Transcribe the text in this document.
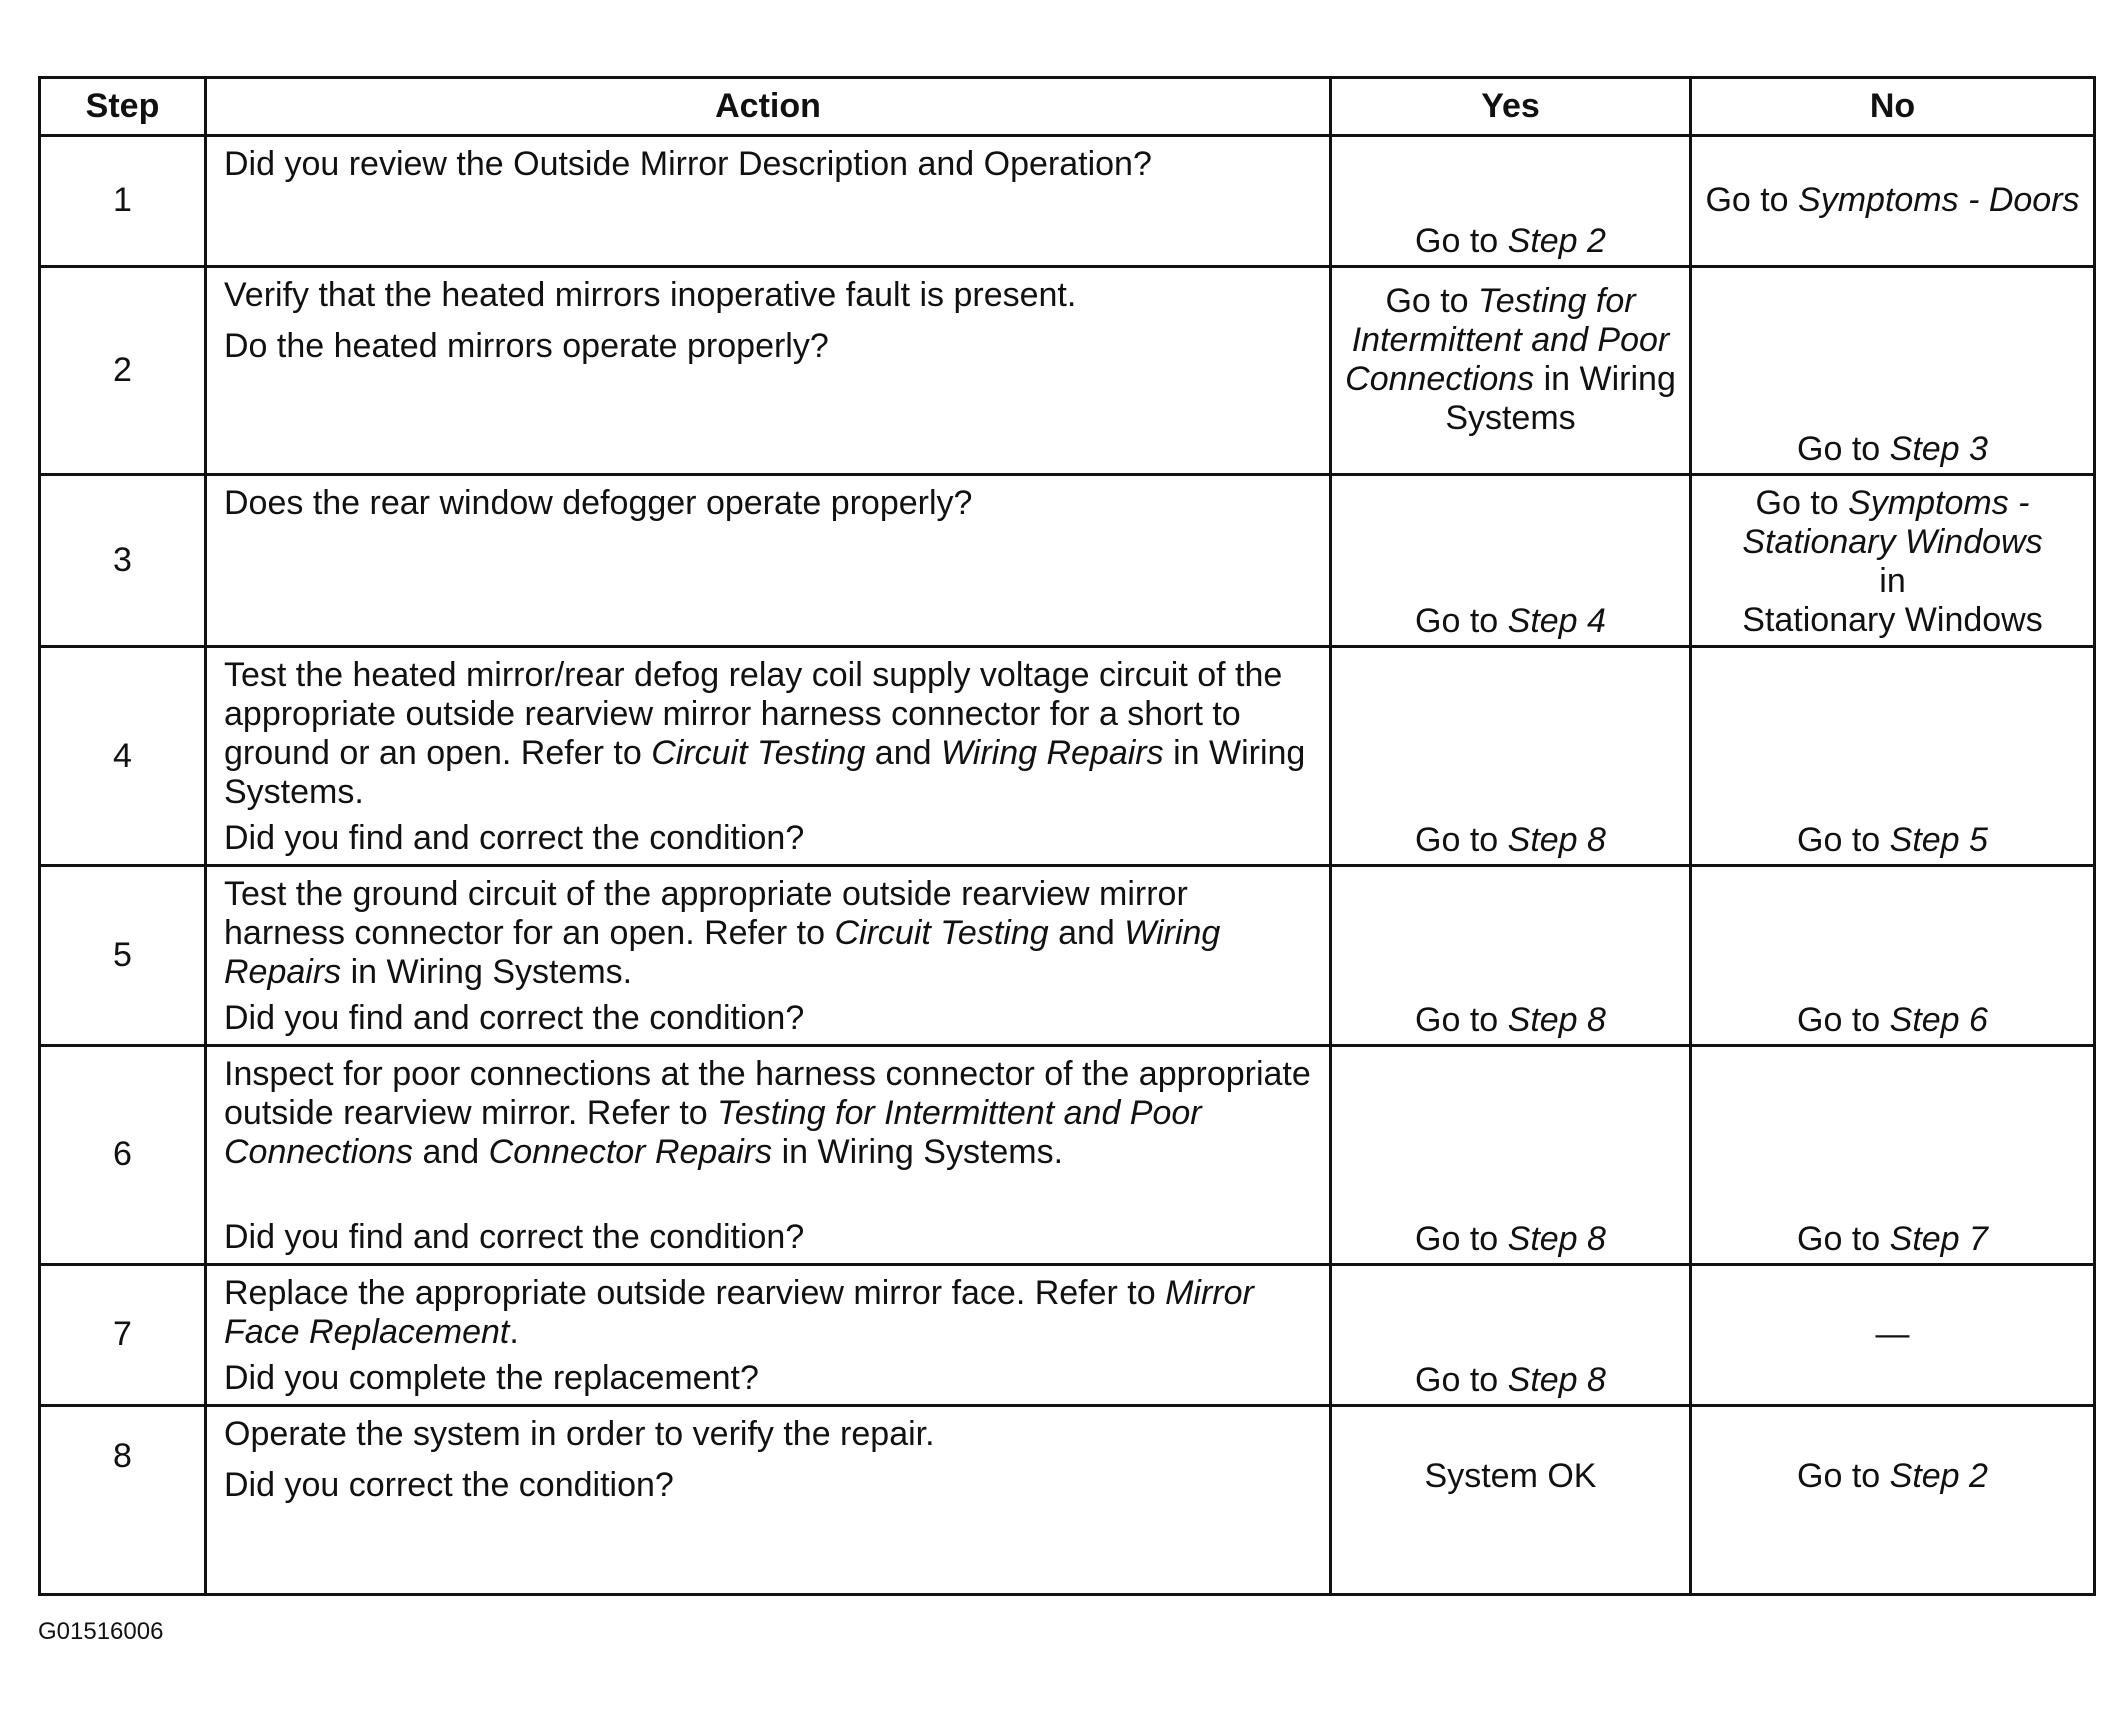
Step	Action	Yes	No
1	Did you review the Outside Mirror Description and Operation?	Go to Step 2	Go to Symptoms - Doors
2	Verify that the heated mirrors inoperative fault is present.

Do the heated mirrors operate properly?	Go to Testing for Intermittent and Poor Connections in Wiring Systems	Go to Step 3
3	Does the rear window defogger operate properly?	Go to Step 4	Go to Symptoms - Stationary Windows
in
Stationary Windows
4	Test the heated mirror/rear defog relay coil supply voltage circuit of the appropriate outside rearview mirror harness connector for a short to ground or an open. Refer to Circuit Testing and Wiring Repairs in Wiring Systems.

Did you find and correct the condition?	Go to Step 8	Go to Step 5
5	Test the ground circuit of the appropriate outside rearview mirror harness connector for an open. Refer to Circuit Testing and Wiring Repairs in Wiring Systems.

Did you find and correct the condition?	Go to Step 8	Go to Step 6
6	Inspect for poor connections at the harness connector of the appropriate outside rearview mirror. Refer to Testing for Intermittent and Poor Connections and Connector Repairs in Wiring Systems.

Did you find and correct the condition?	Go to Step 8	Go to Step 7
7	Replace the appropriate outside rearview mirror face. Refer to Mirror Face Replacement.

Did you complete the replacement?	Go to Step 8	—
8	Operate the system in order to verify the repair.

Did you correct the condition?	System OK	Go to Step 2
G01516006
